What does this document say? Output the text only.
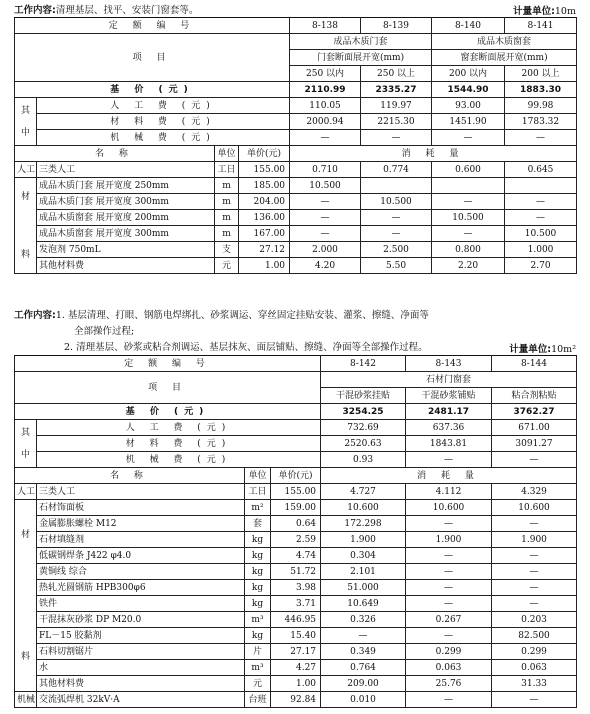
工作内容:清理基层、找平、安装门窗套等。	计量单位:10m
定 额 编 号				8-138	8-139	8-140	8-141
项 目				成品木质门套		成品木质窗套	
				门套断面展开宽(mm)		窗套断面展开宽(mm)	
				250 以内	250 以上	200 以内	200 以上
基 价 (元)				2110.99	2335.27	1544.90	1883.30

其
中	人 工 费 (元)			110.05	119.97	93.00	99.98
	材 料 费 (元)			2000.94	2215.30	1451.90	1783.32
	机 械 费 (元)			—	—	—	—
名 称		单位	单价(元)	消 耗 量			
人工	三类人工	工日	155.00	0.710	0.774	0.600	0.645

材
料	成品木质门套 展开宽度 250mm	m	185.00	10.500			
	成品木质门套 展开宽度 300mm	m	204.00	—	10.500	—	—
	成品木质窗套 展开宽度 200mm	m	136.00	—	—	10.500	—
	成品木质窗套 展开宽度 300mm	m	167.00	—	—	—	10.500
	发泡剂 750mL	支	27.12	2.000	2.500	0.800	1.000
	其他材料费	元	1.00	4.20	5.50	2.20	2.70
工作内容:1. 基层清理、打眼、钢筋电焊绑扎、砂浆调运、穿丝固定挂贴安装、灌浆、擦缝、净面等
全部操作过程;
2. 清理基层、砂浆或粘合剂调运、基层抹灰、面层铺贴、擦缝、净面等全部操作过程。	计量单位:10m²
定 额 编 号				8-142	8-143	8-144
项 目				石材门窗套		
				干混砂浆挂贴	干混砂浆铺贴	粘合剂粘贴
基 价 (元)				3254.25	2481.17	3762.27

其
中	人 工 费 (元)			732.69	637.36	671.00
	材 料 费 (元)			2520.63	1843.81	3091.27
	机 械 费 (元)			0.93	—	—
名 称		单位	单价(元)	消 耗 量		
人工	三类人工	工日	155.00	4.727	4.112	4.329

材
料	石材饰面板	m²	159.00	10.600	10.600	10.600
	金属膨胀螺栓 M12	套	0.64	172.298	—	—
	石材填缝剂	kg	2.59	1.900	1.900	1.900
	低碳钢焊条 J422 φ4.0	kg	4.74	0.304	—	—
	黄铜线 综合	kg	51.72	2.101	—	—
	热轧光圆钢筋 HPB300φ6	kg	3.98	51.000	—	—
	铁件	kg	3.71	10.649	—	—
	干混抹灰砂浆 DP M20.0	m³	446.95	0.326	0.267	0.203
	FL－15 胶黏剂	kg	15.40	—	—	82.500
	石料切割锯片	片	27.17	0.349	0.299	0.299
	水	m³	4.27	0.764	0.063	0.063
	其他材料费	元	1.00	209.00	25.76	31.33
机械	交流弧焊机 32kV·A	台班	92.84	0.010	—	—
